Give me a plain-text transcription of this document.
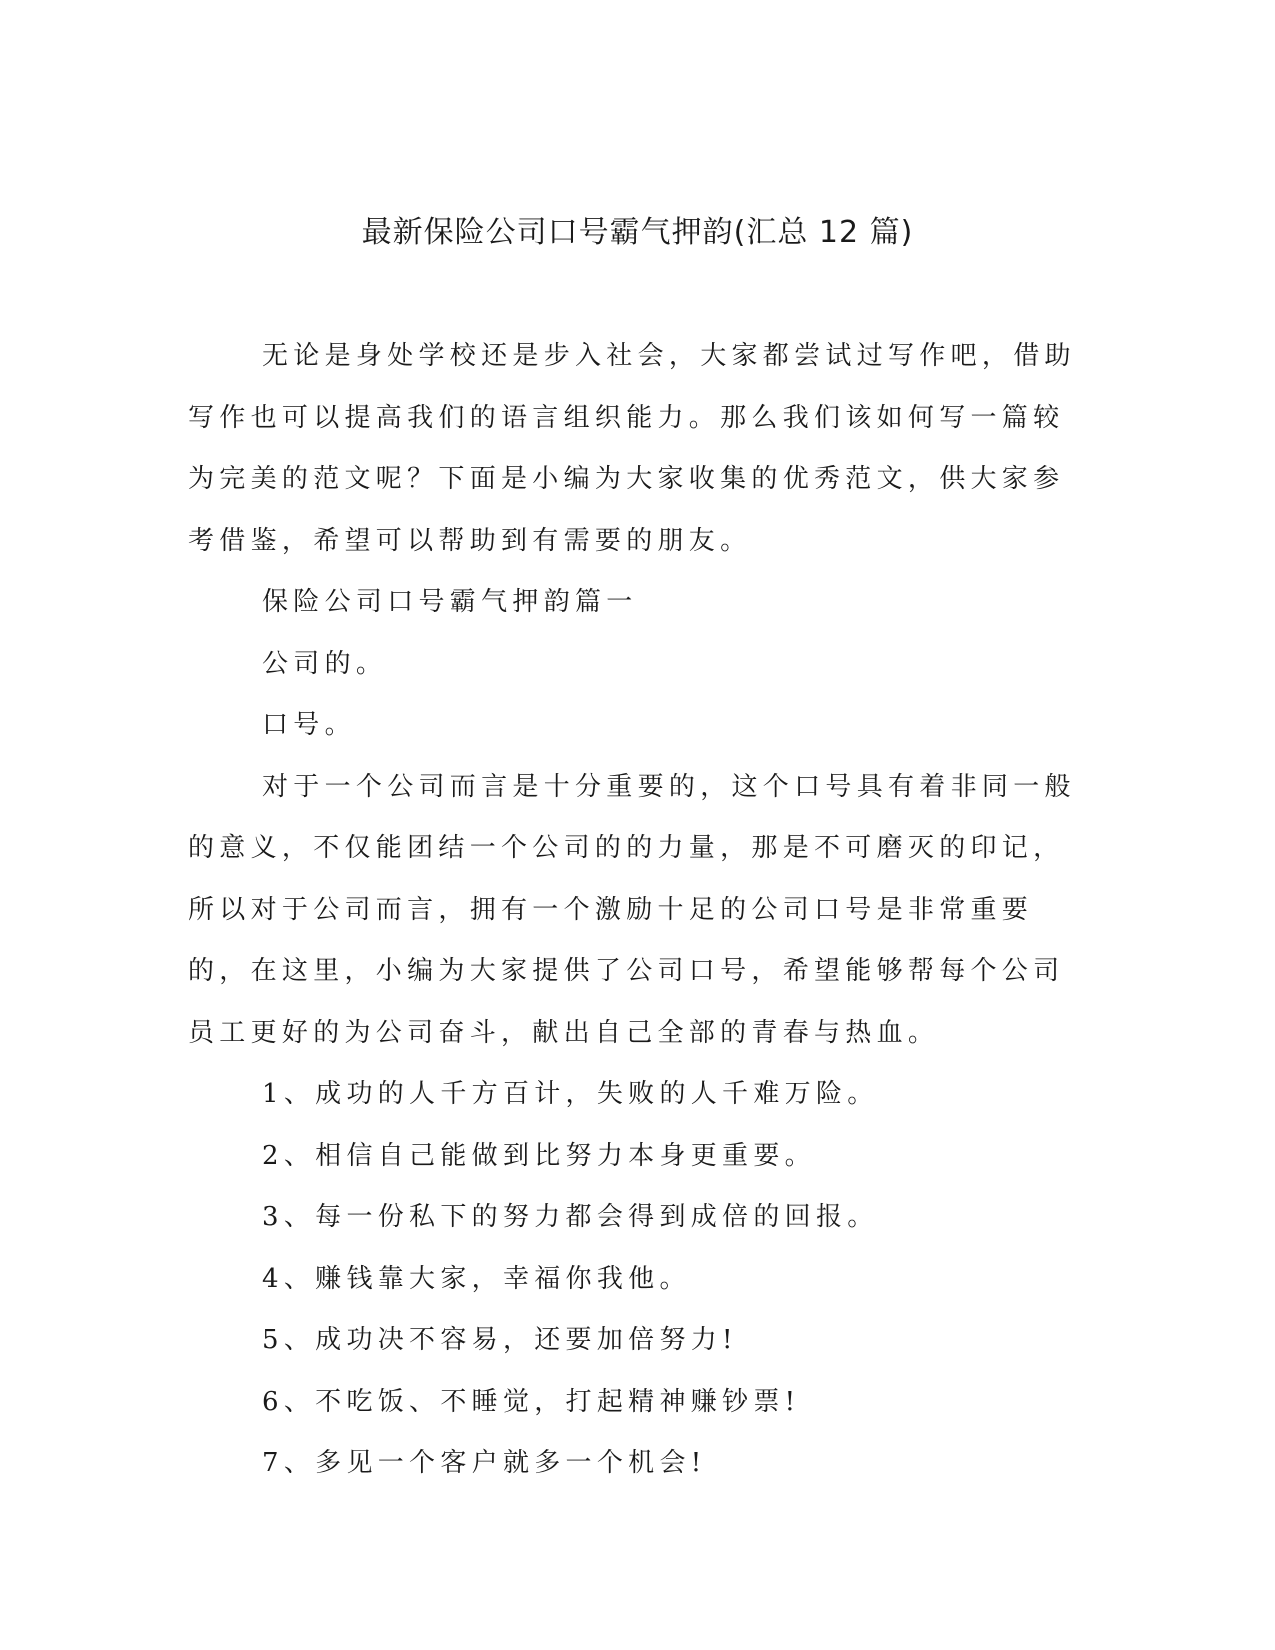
最新保险公司口号霸气押韵(汇总 12 篇)

无论是身处学校还是步入社会，大家都尝试过写作吧，借助写作也可以提高我们的语言组织能力。那么我们该如何写一篇较为完美的范文呢？下面是小编为大家收集的优秀范文，供大家参考借鉴，希望可以帮助到有需要的朋友。

保险公司口号霸气押韵篇一

公司的。

口号。

对于一个公司而言是十分重要的，这个口号具有着非同一般的意义，不仅能团结一个公司的的力量，那是不可磨灭的印记，所以对于公司而言，拥有一个激励十足的公司口号是非常重要的，在这里，小编为大家提供了公司口号，希望能够帮每个公司员工更好的为公司奋斗，献出自己全部的青春与热血。

1、成功的人千方百计，失败的人千难万险。

2、相信自己能做到比努力本身更重要。

3、每一份私下的努力都会得到成倍的回报。

4、赚钱靠大家，幸福你我他。

5、成功决不容易，还要加倍努力!

6、不吃饭、不睡觉，打起精神赚钞票!

7、多见一个客户就多一个机会!
